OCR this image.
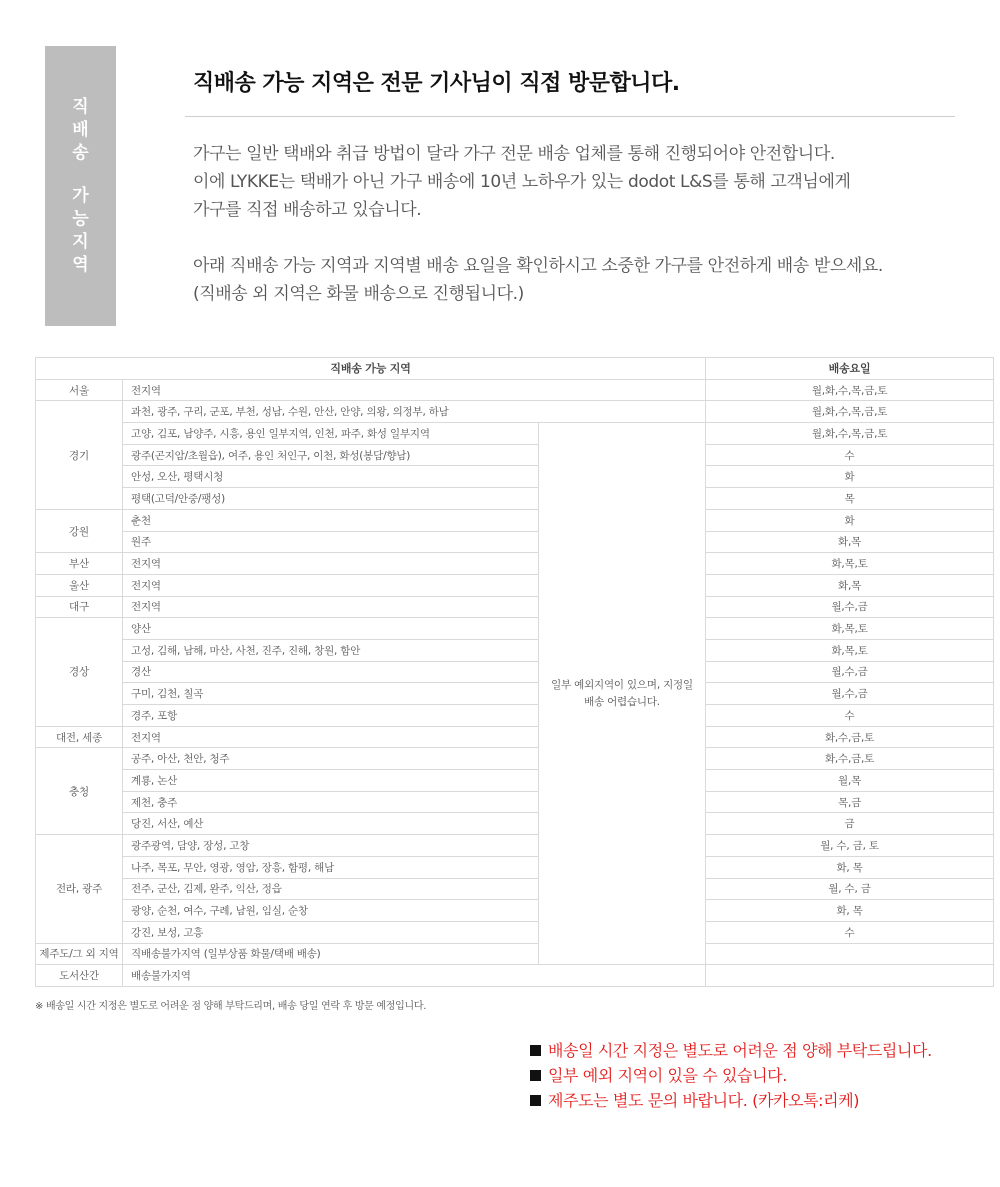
직
배
송
가
능
지
역
직배송 가능 지역은 전문 기사님이 직접 방문합니다.

가구는 일반 택배와 취급 방법이 달라 가구 전문 배송 업체를 통해 진행되어야 안전합니다.

이에 LYKKE는 택배가 아닌 가구 배송에 10년 노하우가 있는 dodot L&S를 통해 고객님에게

가구를 직접 배송하고 있습니다.

아래 직배송 가능 지역과 지역별 배송 요일을 확인하시고 소중한 가구를 안전하게 배송 받으세요.

(직배송 외 지역은 화물 배송으로 진행됩니다.)

직배송 가능 지역			배송요일
서울	전지역		월,화,수,목,금,토
경기	과천, 광주, 구리, 군포, 부천, 성남, 수원, 안산, 안양, 의왕, 의정부, 하남		월,화,수,목,금,토
	고양, 김포, 남양주, 시흥, 용인 일부지역, 인천, 파주, 화성 일부지역	일부 예외지역이 있으며, 지정일 배송 어렵습니다.	월,화,수,목,금,토
	광주(곤지암/초월읍), 여주, 용인 처인구, 이천, 화성(봉담/향남)		수
	안성, 오산, 평택시청		화
	평택(고덕/안중/팽성)		목
강원	춘천		화
	원주		화,목
부산	전지역		화,목,토
울산	전지역		화,목
대구	전지역		월,수,금
경상	양산		화,목,토
	고성, 김해, 남해, 마산, 사천, 진주, 진해, 창원, 함안		화,목,토
	경산		월,수,금
	구미, 김천, 칠곡		월,수,금
	경주, 포항		수
대전, 세종	전지역		화,수,금,토
충청	공주, 아산, 천안, 청주		화,수,금,토
	계룡, 논산		월,목
	제천, 충주		목,금
	당진, 서산, 예산		금
전라, 광주	광주광역, 담양, 장성, 고창		월, 수, 금, 토
	나주, 목포, 무안, 영광, 영암, 장흥, 함평, 해남		화, 목
	전주, 군산, 김제, 완주, 익산, 정읍		월, 수, 금
	광양, 순천, 여수, 구례, 남원, 임실, 순창		화, 목
	강진, 보성, 고흥		수
제주도/그 외 지역	직배송불가지역 (일부상품 화물/택배 배송)		
도서산간	배송불가지역		
※ 배송일 시간 지정은 별도로 어려운 점 양해 부탁드리며, 배송 당일 연락 후 방문 예정입니다.
배송일 시간 지정은 별도로 어려운 점 양해 부탁드립니다.
일부 예외 지역이 있을 수 있습니다.
제주도는 별도 문의 바랍니다. (카카오톡:리케)
